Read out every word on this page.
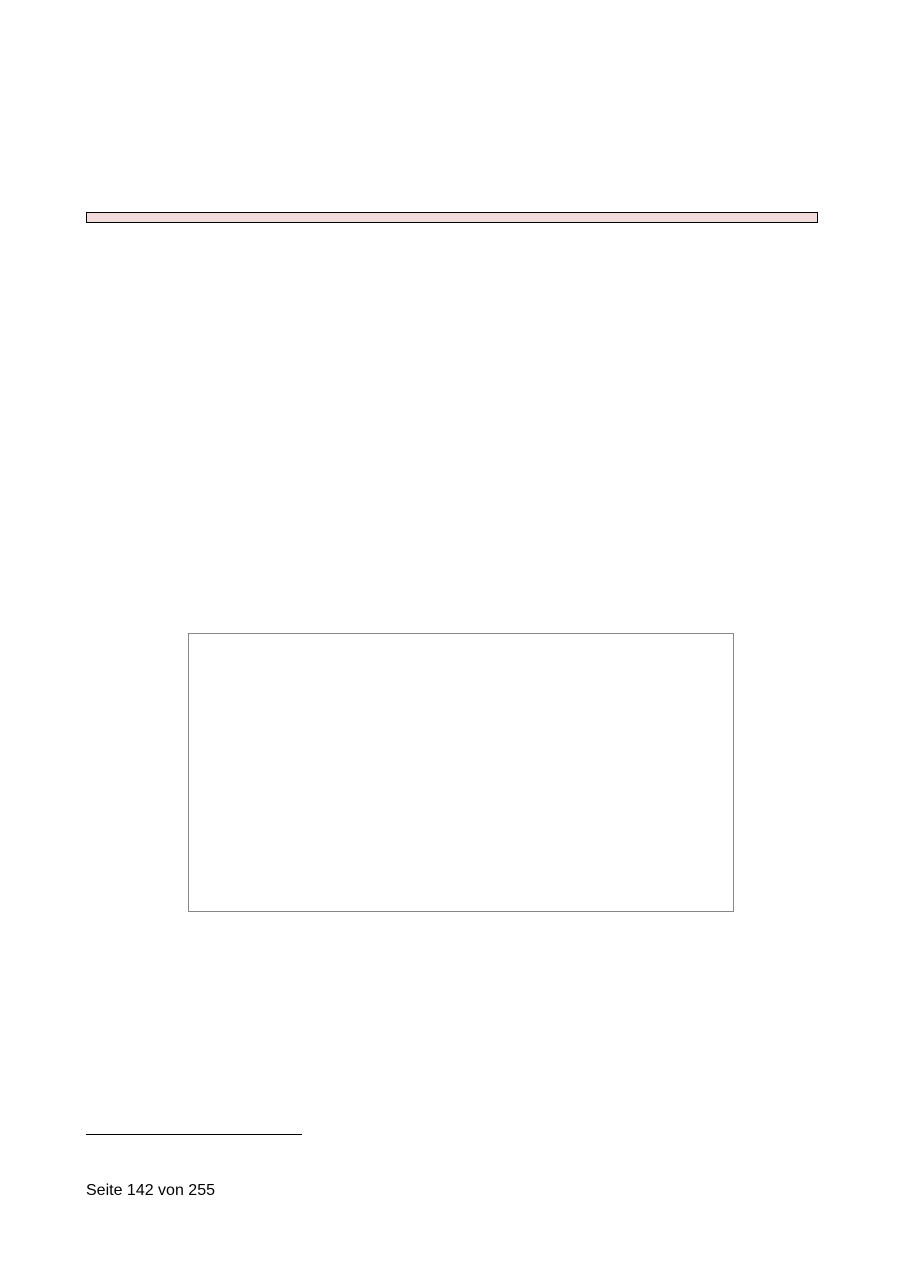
Seite 142 von 255
